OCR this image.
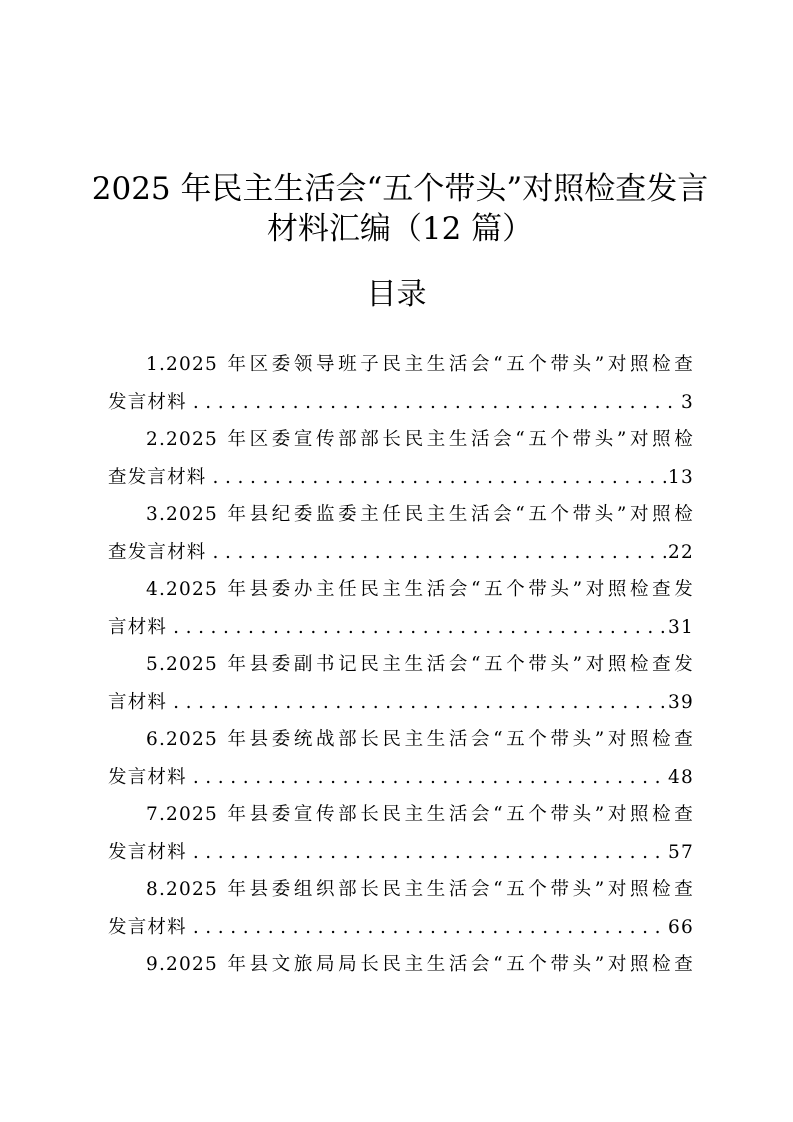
2025 年民主生活会“五个带头”对照检查发言
材料汇编（12 篇）
目录
1.2025 年区委领导班子民主生活会“五个带头”对照检查
发言材料 .....	3
2.2025 年区委宣传部部长民主生活会“五个带头”对照检
查发言材料 .....	13
3.2025 年县纪委监委主任民主生活会“五个带头”对照检
查发言材料 .....	22
4.2025 年县委办主任民主生活会“五个带头”对照检查发
言材料 .....	31
5.2025 年县委副书记民主生活会“五个带头”对照检查发
言材料 .....	39
6.2025 年县委统战部长民主生活会“五个带头”对照检查
发言材料 .....	48
7.2025 年县委宣传部长民主生活会“五个带头”对照检查
发言材料 .....	57
8.2025 年县委组织部长民主生活会“五个带头”对照检查
发言材料 .....	66
9.2025 年县文旅局局长民主生活会“五个带头”对照检查
